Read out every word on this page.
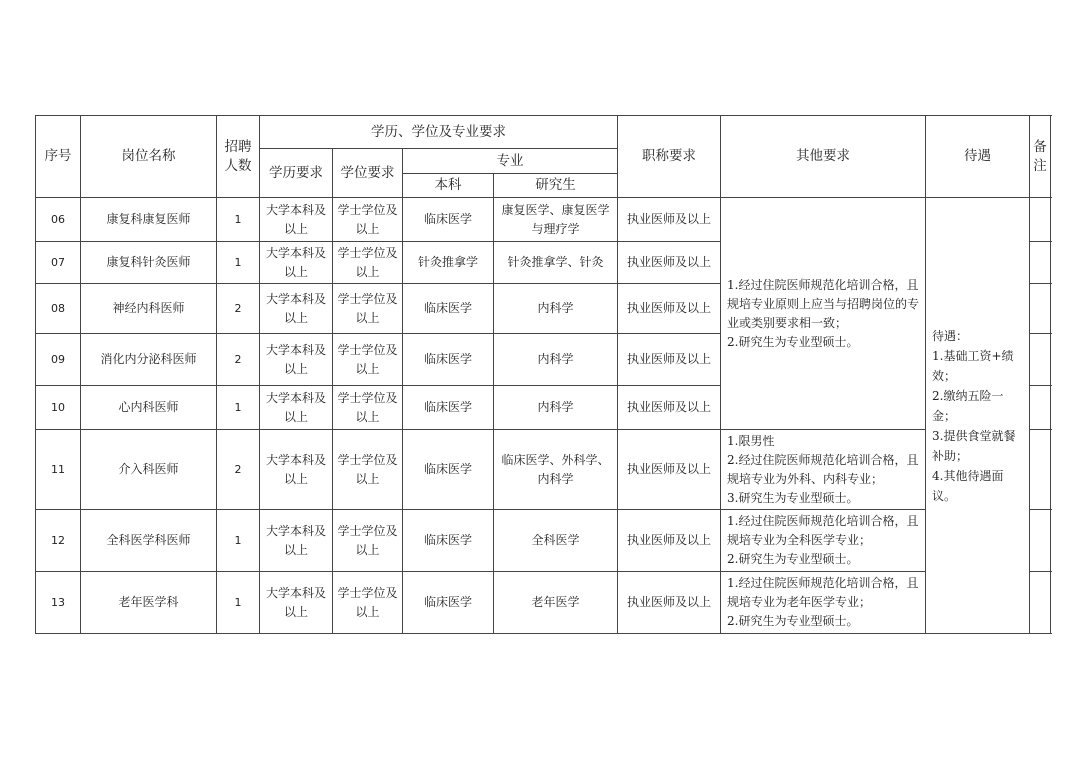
序号	岗位名称	招聘人数	学历、学位及专业要求				职称要求	其他要求	待遇	备注
			学历要求	学位要求	专业					
					本科	研究生				
06	康复科康复医师	1	大学本科及以上	学士学位及以上	临床医学	康复医学、康复医学与理疗学	执业医师及以上	1.经过住院医师规范化培训合格，且规培专业原则上应当与招聘岗位的专业或类别要求相一致；
2.研究生为专业型硕士。	待遇：
1.基础工资+绩效；
2.缴纳五险一金；
3.提供食堂就餐补助；
4.其他待遇面议。	

07	康复科针灸医师	1	大学本科及以上	学士学位及以上	针灸推拿学	针灸推拿学、针灸	执业医师及以上			
08	神经内科医师	2	大学本科及以上	学士学位及以上	临床医学	内科学	执业医师及以上			
09	消化内分泌科医师	2	大学本科及以上	学士学位及以上	临床医学	内科学	执业医师及以上			
10	心内科医师	1	大学本科及以上	学士学位及以上	临床医学	内科学	执业医师及以上			
11	介入科医师	2	大学本科及以上	学士学位及以上	临床医学	临床医学、外科学、内科学	执业医师及以上	1.限男性
2.经过住院医师规范化培训合格，且规培专业为外科、内科专业；
3.研究生为专业型硕士。		

12	全科医学科医师	1	大学本科及以上	学士学位及以上	临床医学	全科医学	执业医师及以上	1.经过住院医师规范化培训合格，且规培专业为全科医学专业；
2.研究生为专业型硕士。		

13	老年医学科	1	大学本科及以上	学士学位及以上	临床医学	老年医学	执业医师及以上	1.经过住院医师规范化培训合格，且规培专业为老年医学专业；
2.研究生为专业型硕士。		
